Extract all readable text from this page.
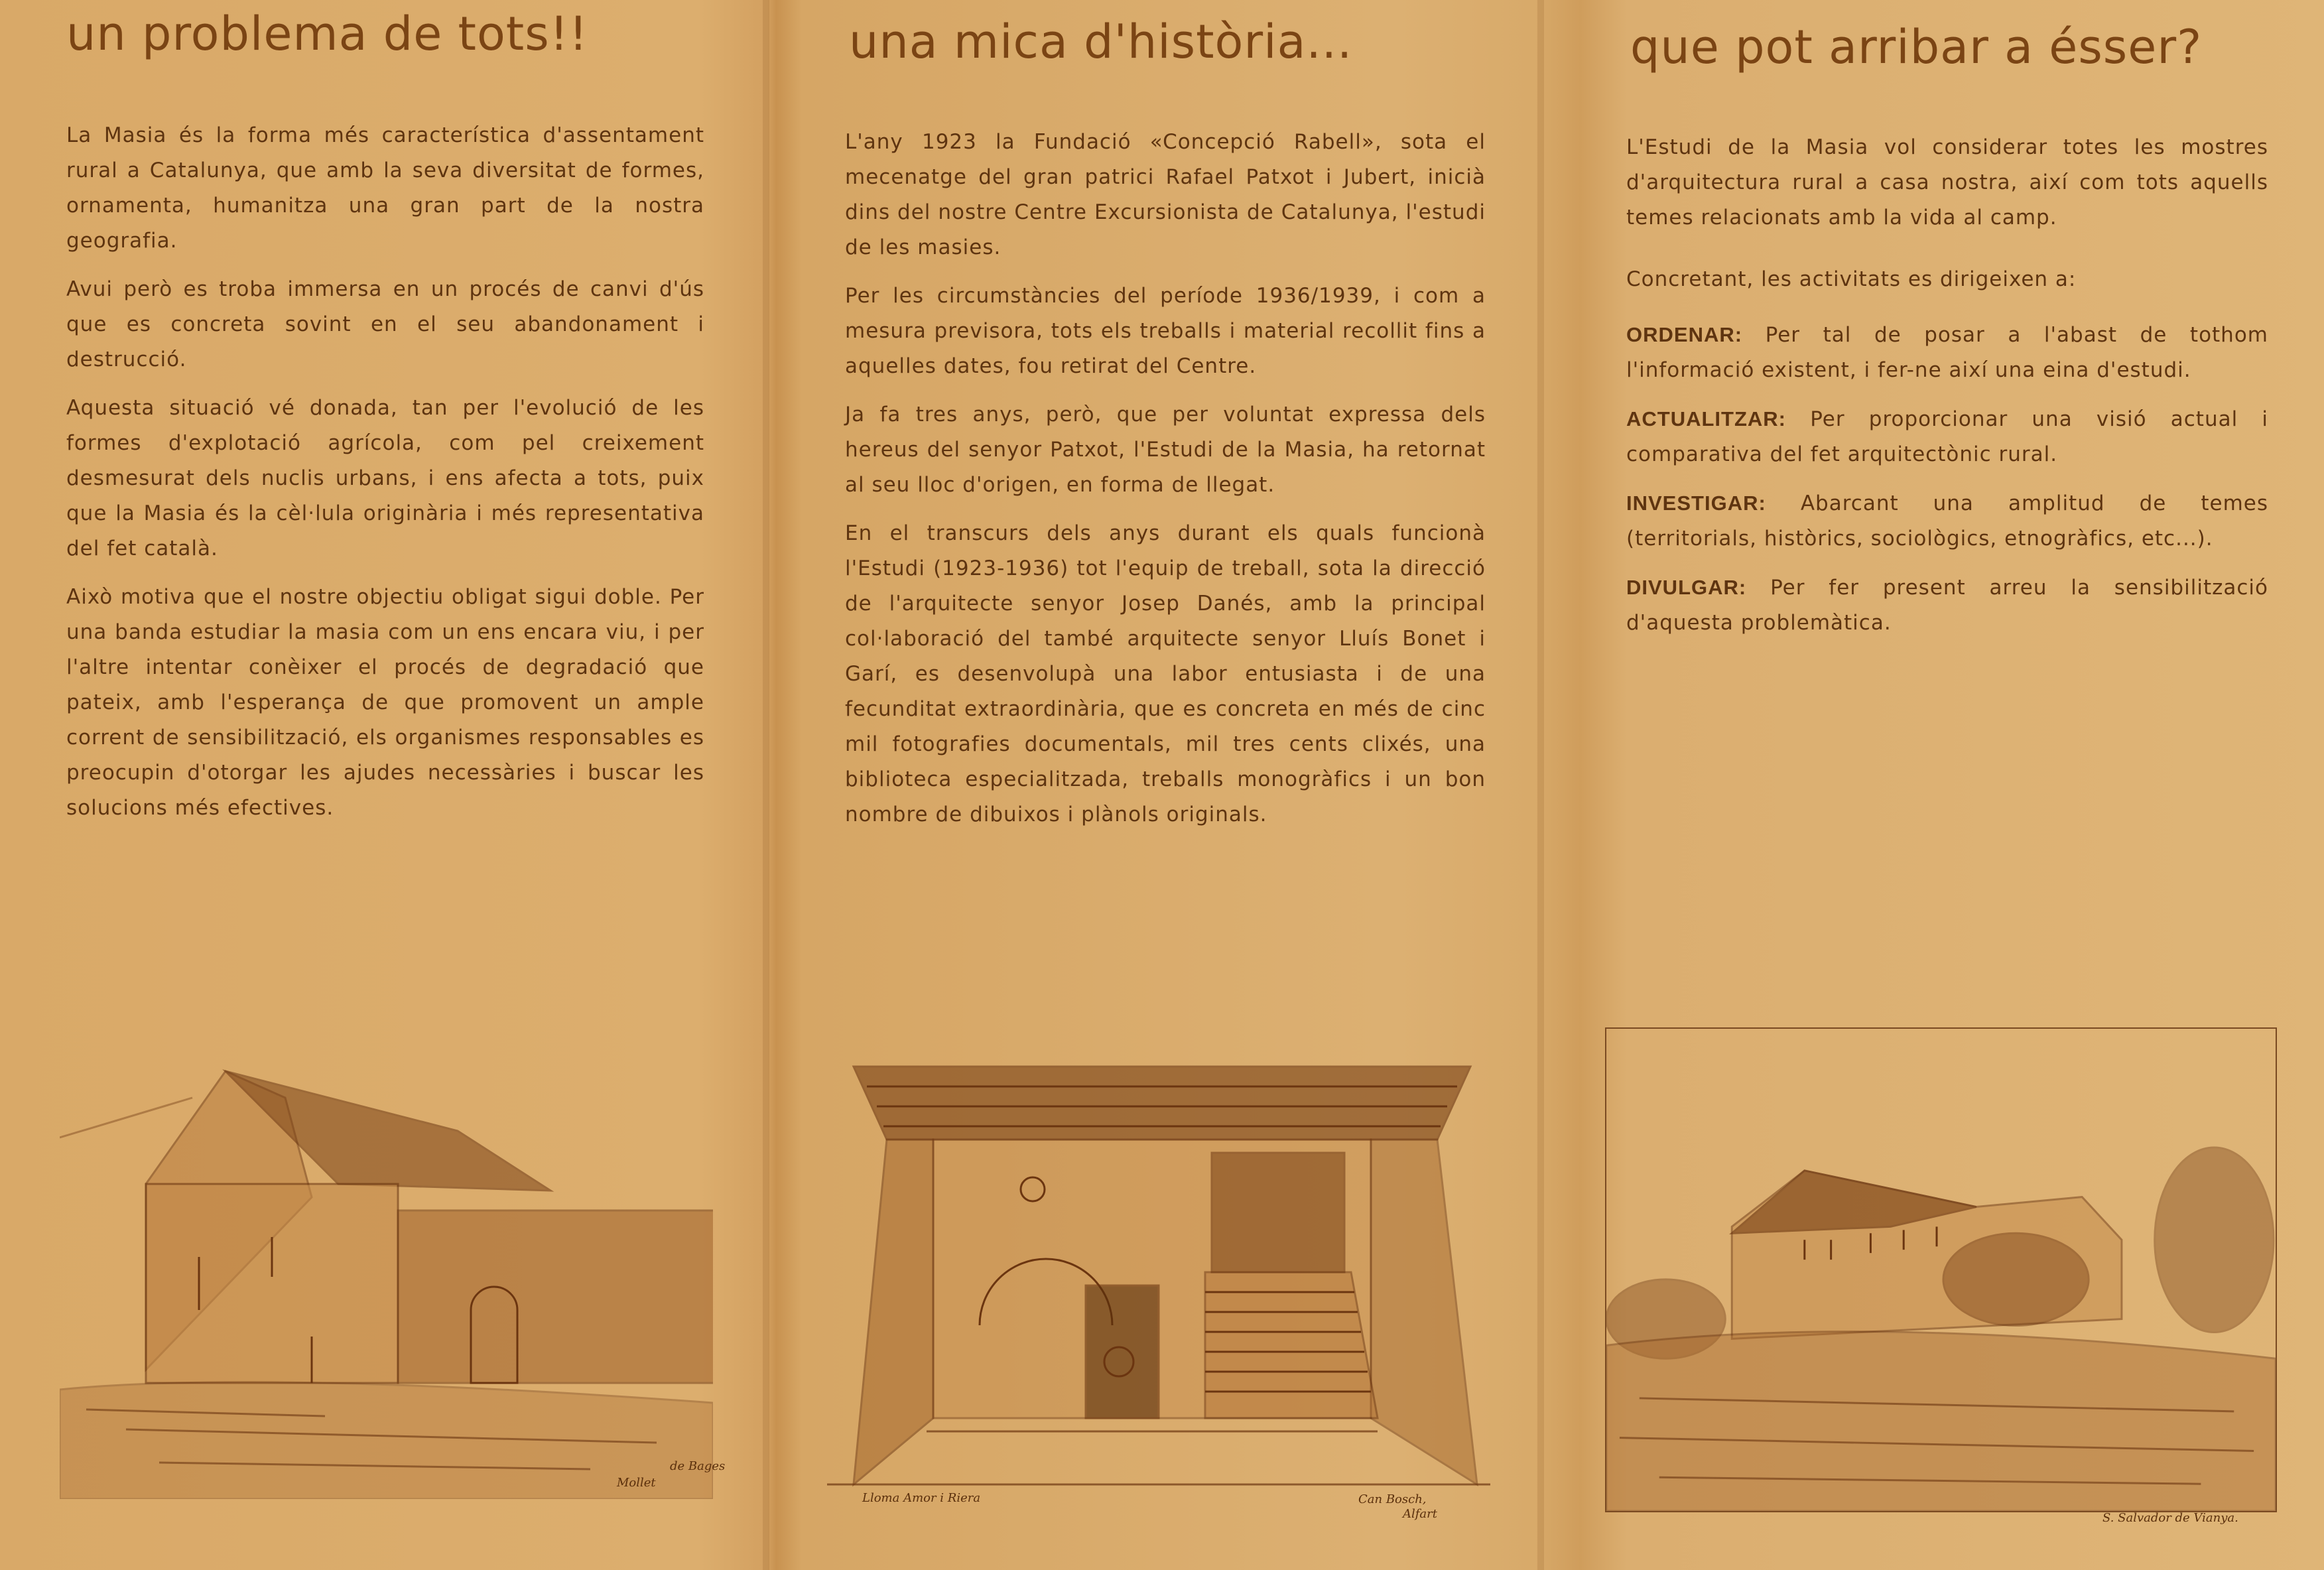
un problema de tots!!

La Masia és la forma més característica d'assentament rural a Catalunya, que amb la seva diversitat de formes, ornamenta, humanitza una gran part de la nostra geografia.

Avui però es troba immersa en un procés de canvi d'ús que es concreta sovint en el seu abandonament i destrucció.

Aquesta situació vé donada, tan per l'evolució de les formes d'explotació agrícola, com pel creixement desmesurat dels nuclis urbans, i ens afecta a tots, puix que la Masia és la cèl·lula originària i més representativa del fet català.

Això motiva que el nostre objectiu obligat sigui doble. Per una banda estudiar la masia com un ens encara viu, i per l'altre intentar conèixer el procés de degradació que pateix, amb l'esperança de que promovent un ample corrent de sensibilització, els organismes responsables es preocupin d'otorgar les ajudes necessàries i buscar les solucions més efectives.

Mollet
de Bages
una mica d'història...

L'any 1923 la Fundació «Concepció Rabell», sota el mecenatge del gran patrici Rafael Patxot i Jubert, inicià dins del nostre Centre Excursionista de Catalunya, l'estudi de les masies.

Per les circumstàncies del període 1936/1939, i com a mesura previsora, tots els treballs i material recollit fins a aquelles dates, fou retirat del Centre.

Ja fa tres anys, però, que per voluntat expressa dels hereus del senyor Patxot, l'Estudi de la Masia, ha retornat al seu lloc d'origen, en forma de llegat.

En el transcurs dels anys durant els quals funcionà l'Estudi (1923-1936) tot l'equip de treball, sota la direcció de l'arquitecte senyor Josep Danés, amb la principal col·laboració del també arquitecte senyor Lluís Bonet i Garí, es desenvolupà una labor entusiasta i de una fecunditat extraordinària, que es concreta en més de cinc mil fotografies documentals, mil tres cents clixés, una biblioteca especialitzada, treballs monogràfics i un bon nombre de dibuixos i plànols originals.

Lloma Amor i Riera	Can Bosch,
Alfart
que pot arribar a ésser?

L'Estudi de la Masia vol considerar totes les mostres d'arquitectura rural a casa nostra, així com tots aquells temes relacionats amb la vida al camp.

Concretant, les activitats es dirigeixen a:

ORDENAR: Per tal de posar a l'abast de tothom l'informació existent, i fer-ne així una eina d'estudi.

ACTUALITZAR: Per proporcionar una visió actual i comparativa del fet arquitectònic rural.

INVESTIGAR: Abarcant una amplitud de temes (territorials, històrics, sociològics, etnogràfics, etc...).

DIVULGAR: Per fer present arreu la sensibilització d'aquesta problemàtica.

S. Salvador de Vianya.
